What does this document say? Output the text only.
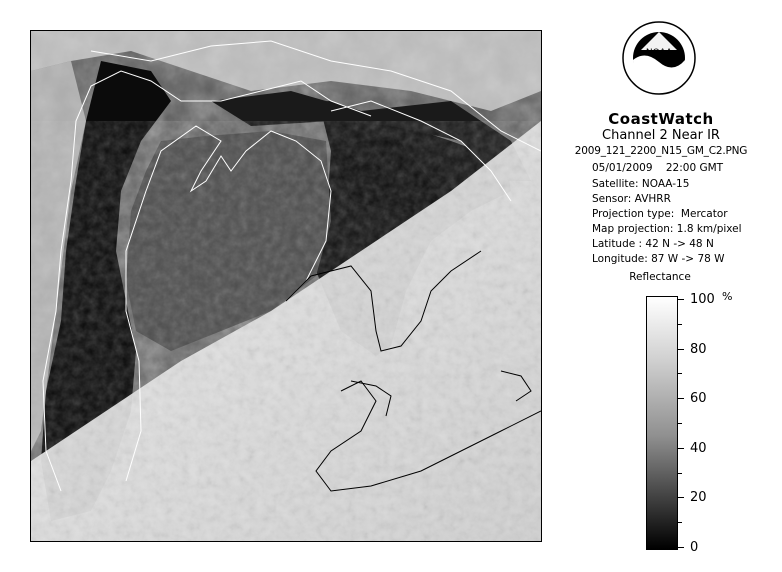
NOAA
CoastWatch
Channel 2 Near IR
2009_121_2200_N15_GM_C2.PNG
05/01/2009    22:00 GMT
Satellite: NOAA-15
Sensor: AVHRR
Projection type:  Mercator
Map projection: 1.8 km/pixel
Latitude : 42 N -> 48 N
Longitude: 87 W -> 78 W
Reflectance
%
100
80
60
40
20
0
